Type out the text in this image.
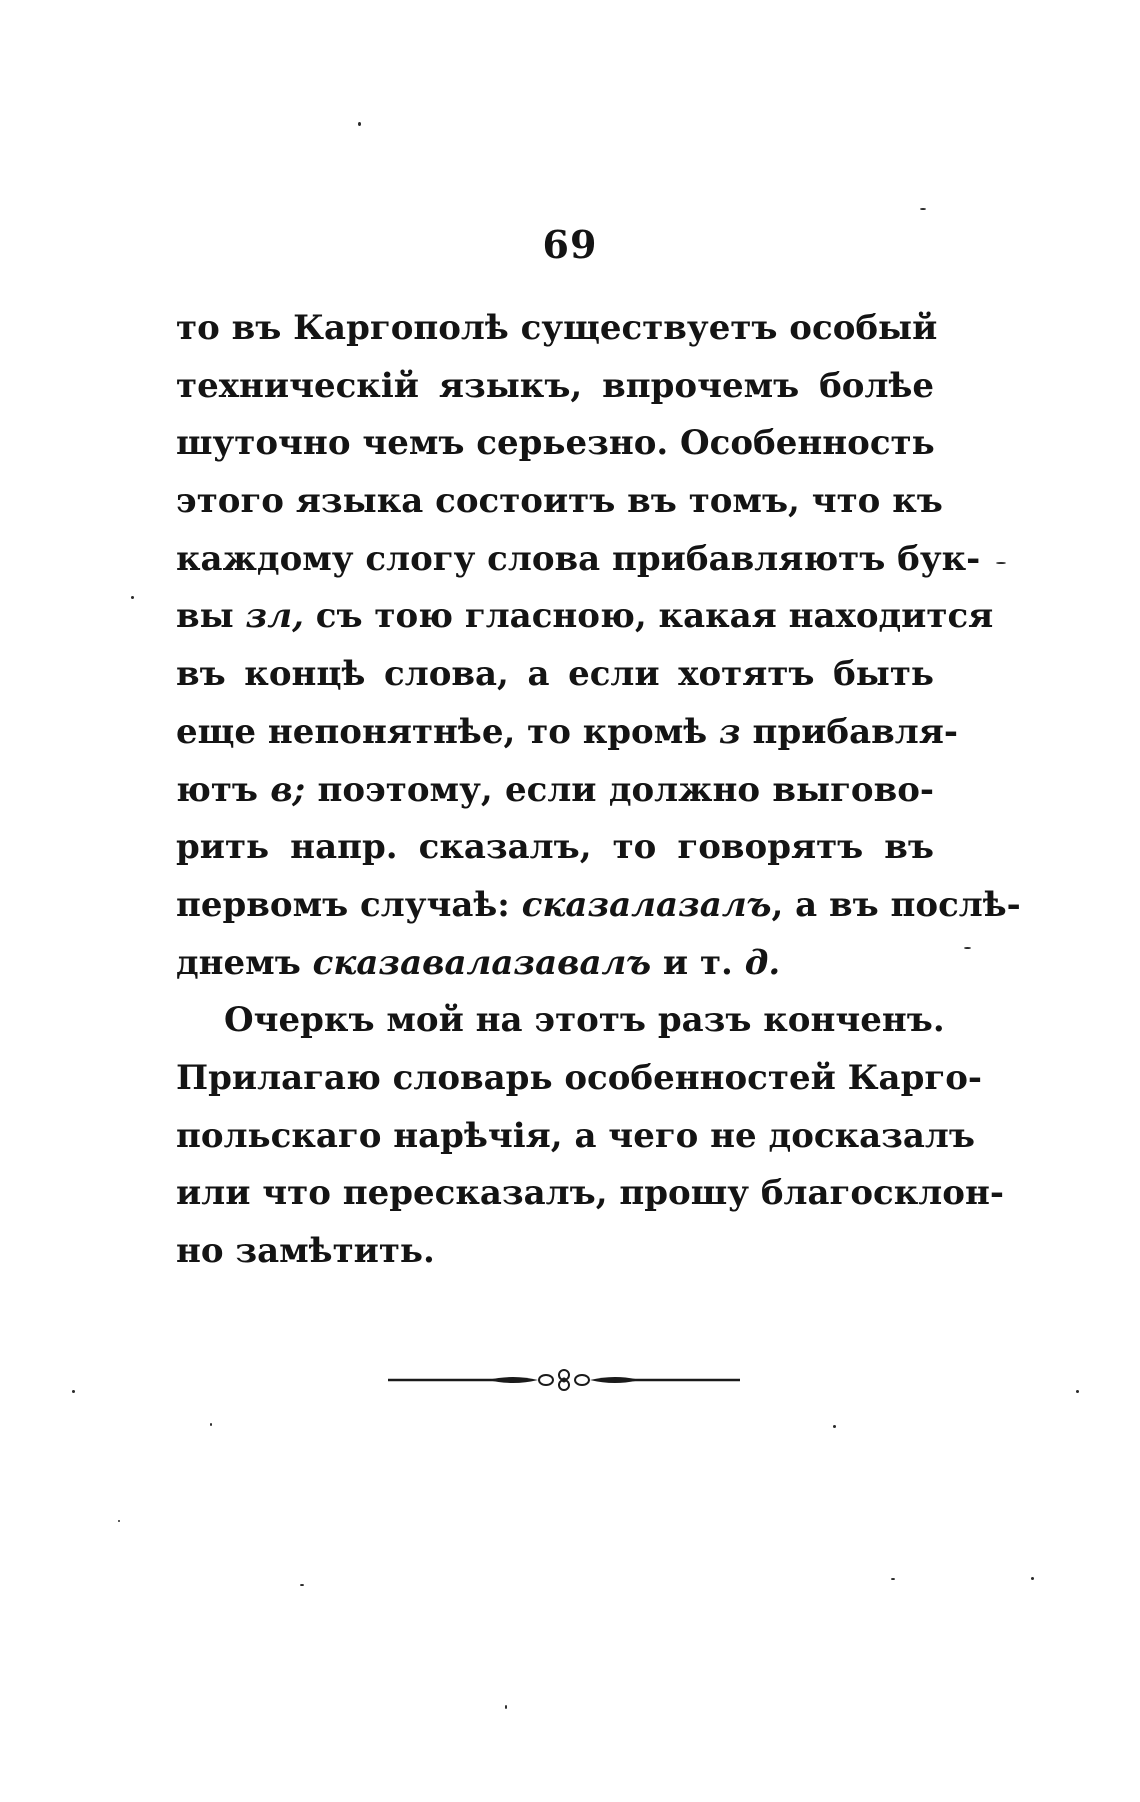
69
то въ Каргополѣ существуетъ особый
техническій языкъ, впрочемъ болѣе
шуточно чемъ серьезно. Особенность
этого языка состоитъ въ томъ, что къ
каждому слогу слова прибавляютъ бук-
вы зл, съ тою гласною, какая находится
въ концѣ слова, а если хотятъ быть
еще непонятнѣе, то кромѣ з прибавля-
ютъ в; поэтому, если должно выгово-
рить напр. сказалъ, то говорятъ въ
первомъ случаѣ: сказалазалъ, а въ послѣ-
днемъ сказавалазавалъ и т. д.
Очеркъ мой на этотъ разъ конченъ.
Прилагаю словарь особенностей Карго-
польскаго нарѣчія, а чего не досказалъ
или что пересказалъ, прошу благосклон-
но замѣтить.
